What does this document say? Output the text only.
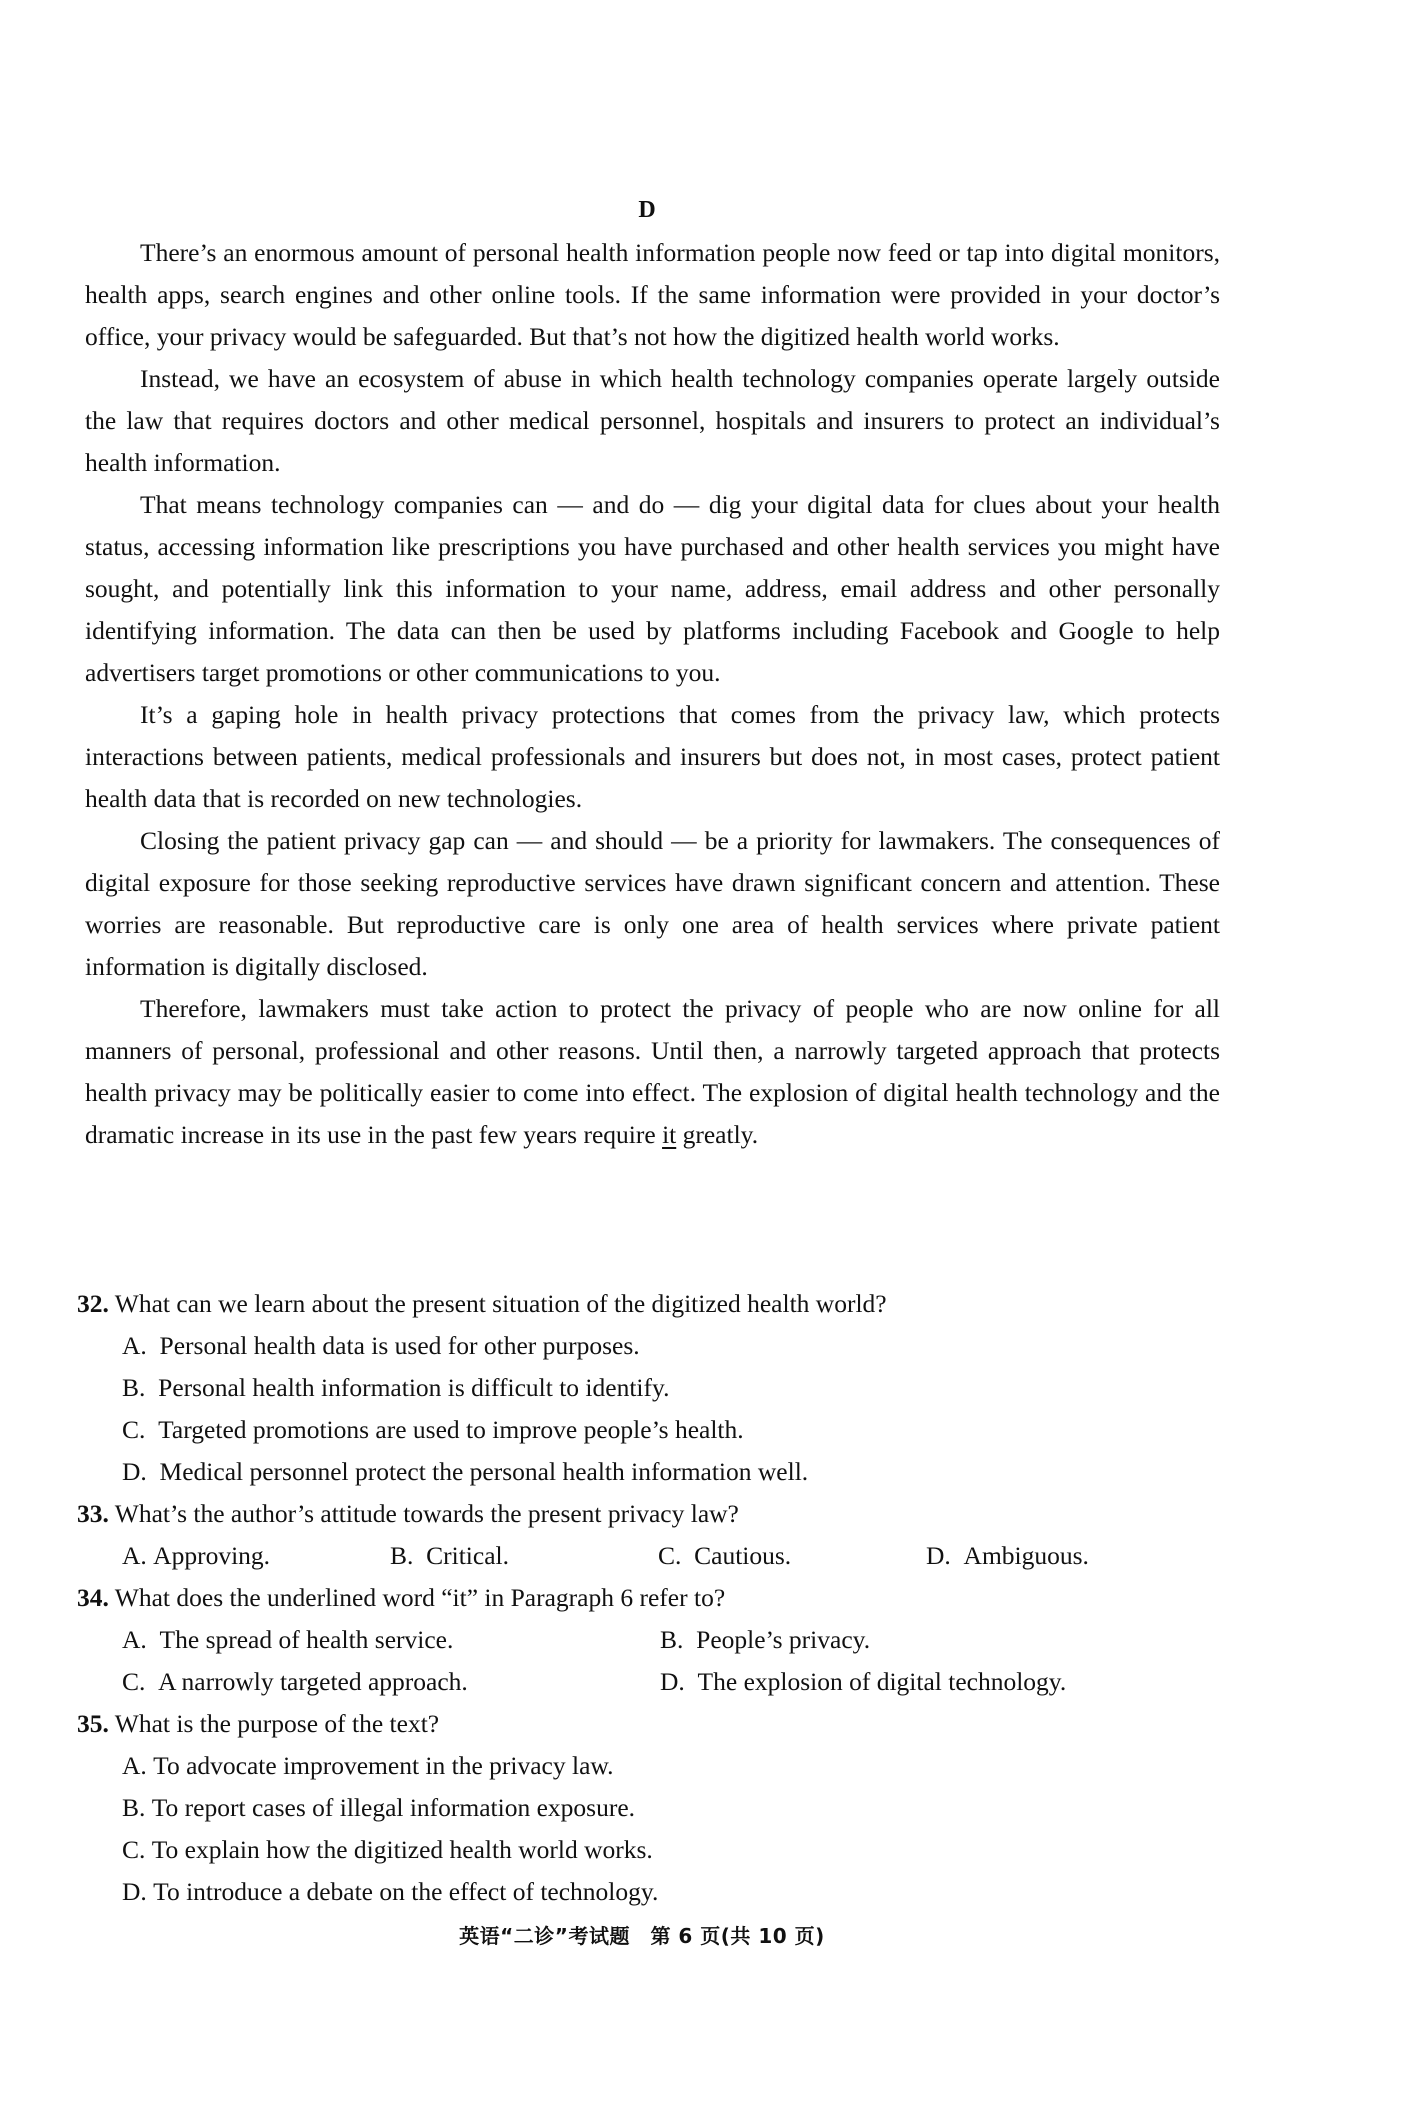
D

There’s an enormous amount of personal health information people now feed or tap into digital monitors, health apps, search engines and other online tools. If the same information were provided in your doctor’s office, your privacy would be safeguarded. But that’s not how the digitized health world works.

Instead, we have an ecosystem of abuse in which health technology companies operate largely outside the law that requires doctors and other medical personnel, hospitals and insurers to protect an individual’s health information.

That means technology companies can — and do — dig your digital data for clues about your health status, accessing information like prescriptions you have purchased and other health services you might have sought, and potentially link this information to your name, address, email address and other personally identifying information. The data can then be used by platforms including Facebook and Google to help advertisers target promotions or other communications to you.

It’s a gaping hole in health privacy protections that comes from the privacy law, which protects interactions between patients, medical professionals and insurers but does not, in most cases, protect patient health data that is recorded on new technologies.

Closing the patient privacy gap can — and should — be a priority for lawmakers. The consequences of digital exposure for those seeking reproductive services have drawn significant concern and attention. These worries are reasonable. But reproductive care is only one area of health services where private patient information is digitally disclosed.

Therefore, lawmakers must take action to protect the privacy of people who are now online for all manners of personal, professional and other reasons. Until then, a narrowly targeted approach that protects health privacy may be politically easier to come into effect. The explosion of digital health technology and the dramatic increase in its use in the past few years require it greatly.

32. What can we learn about the present situation of the digitized health world?
A. Personal health data is used for other purposes.
B. Personal health information is difficult to identify.
C. Targeted promotions are used to improve people’s health.
D. Medical personnel protect the personal health information well.
33. What’s the author’s attitude towards the present privacy law?
A. Approving.	B. Critical.	C. Cautious.	D. Ambiguous.
34. What does the underlined word “it” in Paragraph 6 refer to?
A. The spread of health service.	B. People’s privacy.
C. A narrowly targeted approach.	D. The explosion of digital technology.
35. What is the purpose of the text?
A. To advocate improvement in the privacy law.
B. To report cases of illegal information exposure.
C. To explain how the digitized health world works.
D. To introduce a debate on the effect of technology.
英语“二诊”考试题　第 6 页(共 10 页)
